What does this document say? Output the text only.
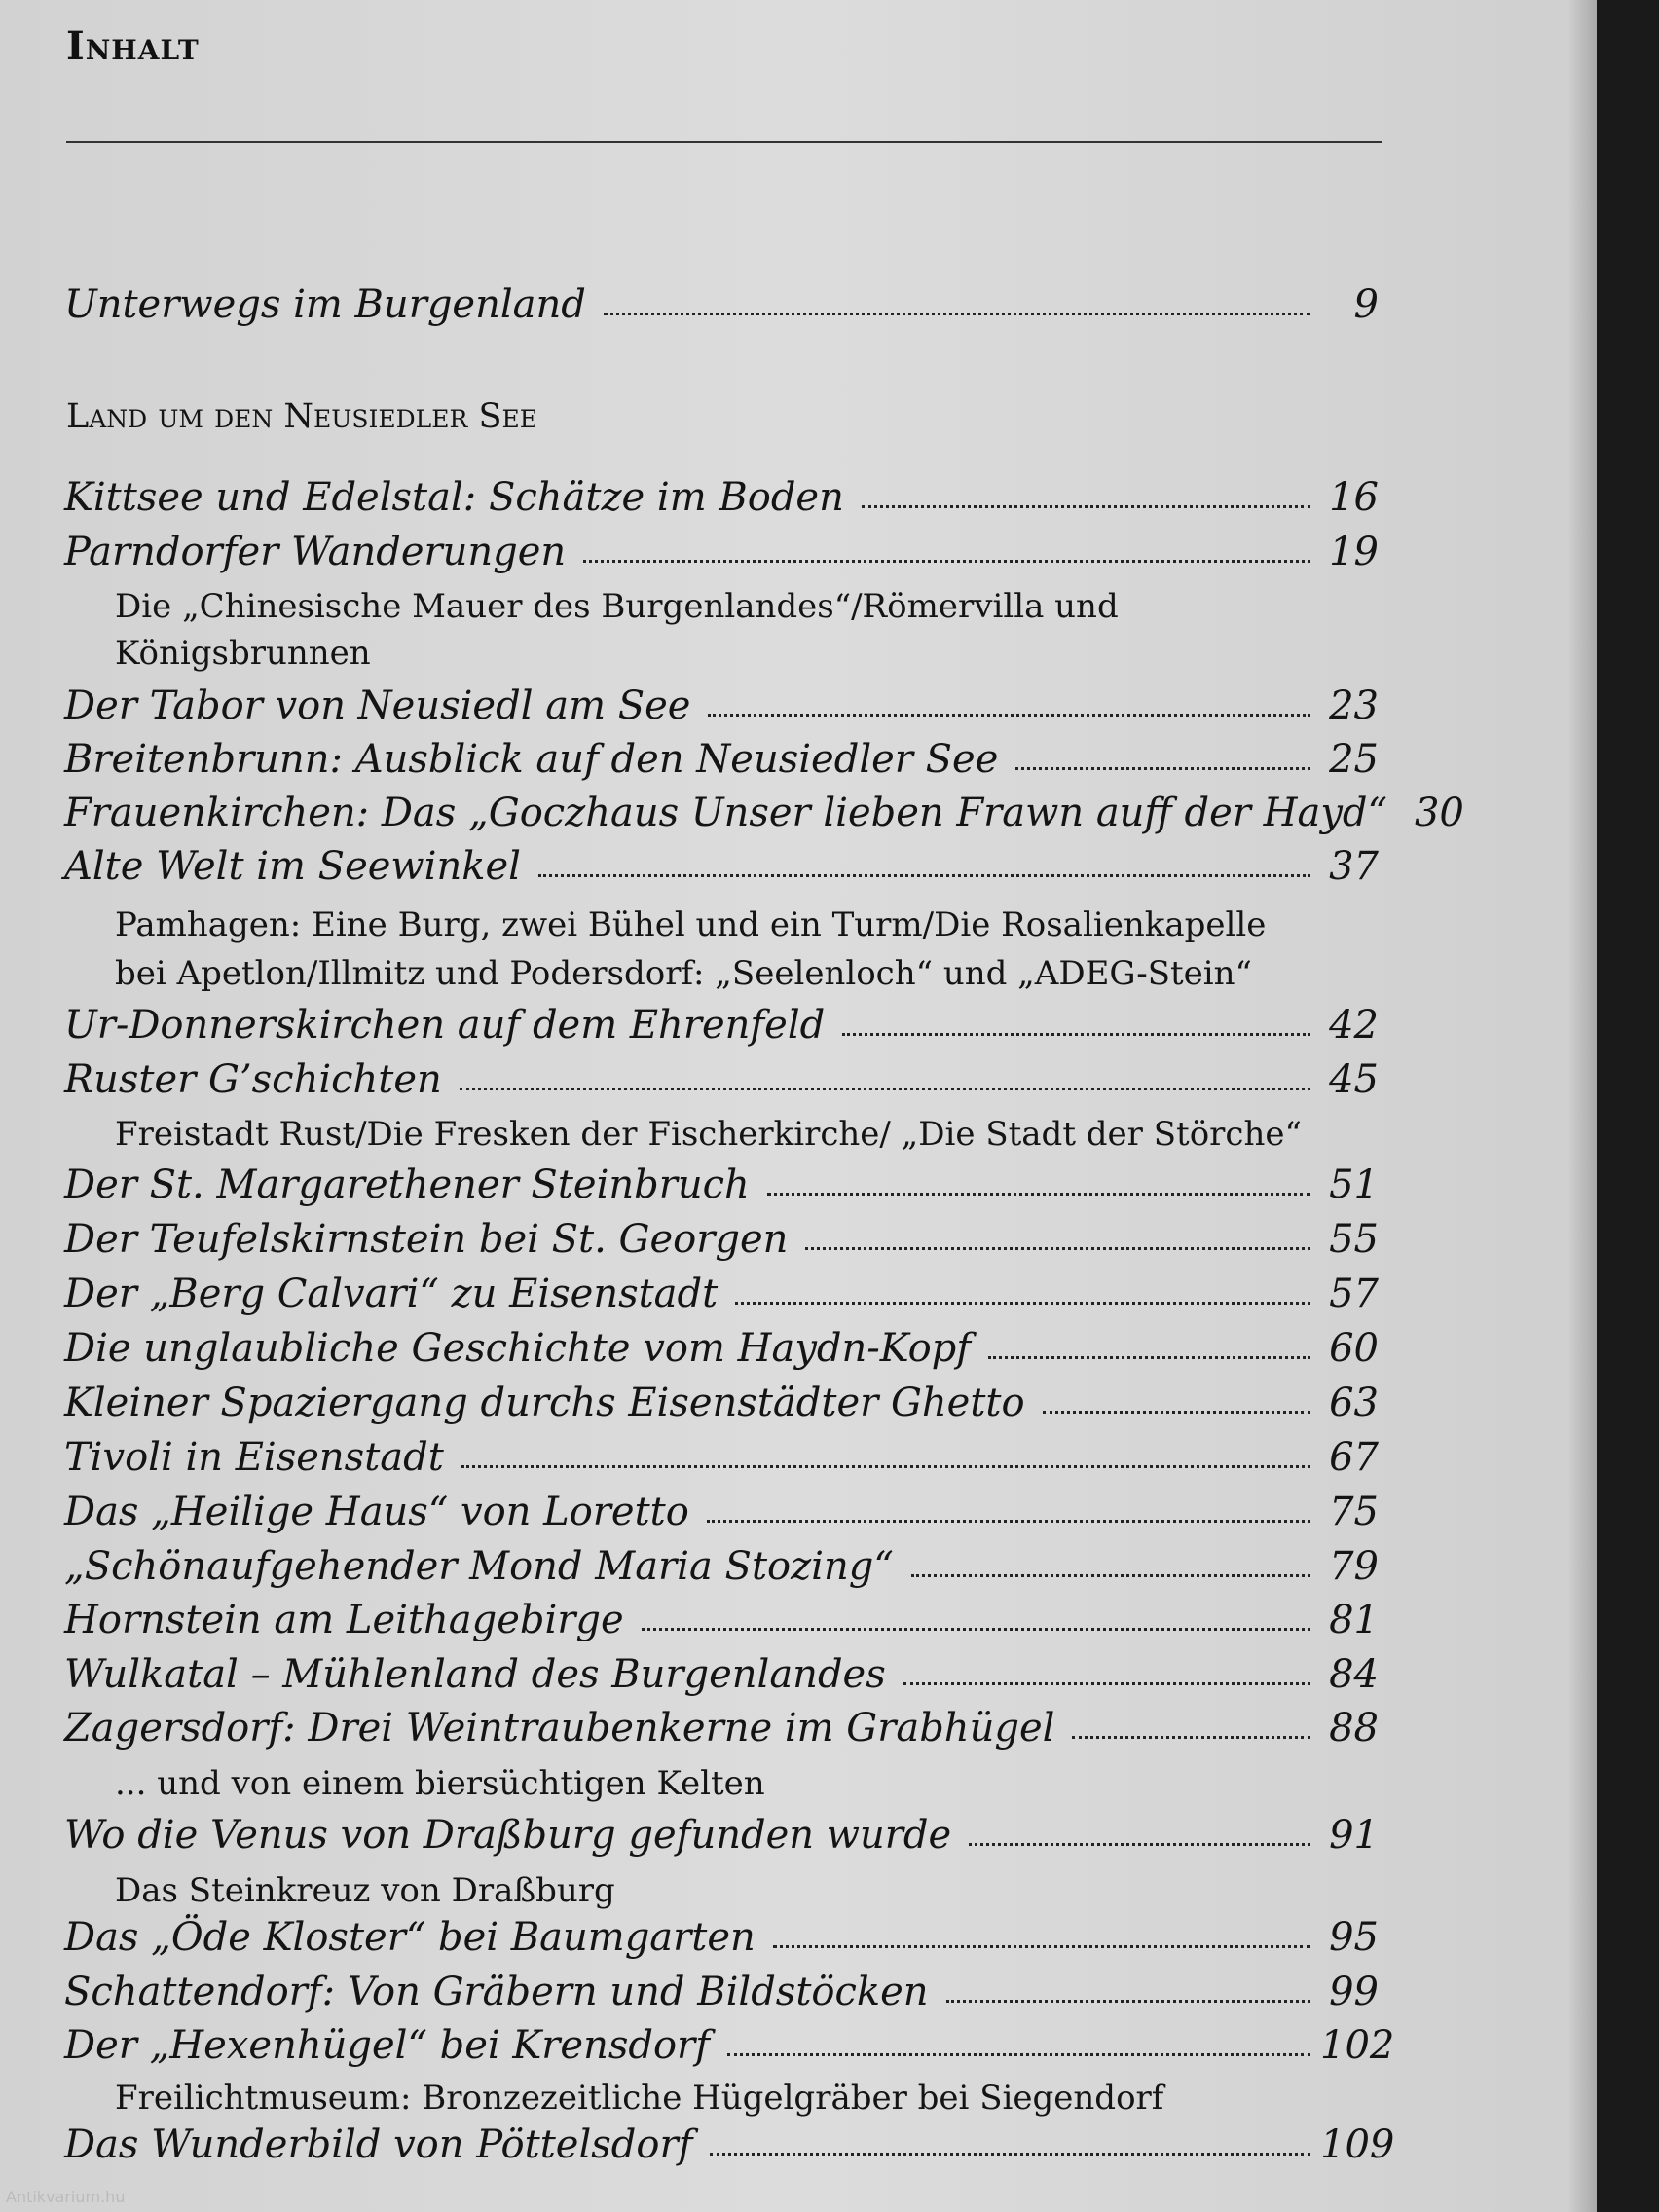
Inhalt
Unterwegs im Burgenland	9
Land um den Neusiedler See
Kittsee und Edelstal: Schätze im Boden	16
Parndorfer Wanderungen	19
Die „Chinesische Mauer des Burgenlandes“/Römervilla und
Königsbrunnen
Der Tabor von Neusiedl am See	23
Breitenbrunn: Ausblick auf den Neusiedler See	25
Frauenkirchen: Das „Goczhaus Unser lieben Frawn auff der Hayd“ 30
Alte Welt im Seewinkel	37
Pamhagen: Eine Burg, zwei Bühel und ein Turm/Die Rosalienkapelle
bei Apetlon/Illmitz und Podersdorf: „Seelenloch“ und „ADEG-Stein“
Ur-Donnerskirchen auf dem Ehrenfeld	42
Ruster G’schichten	45
Freistadt Rust/Die Fresken der Fischerkirche/ „Die Stadt der Störche“
Der St. Margarethener Steinbruch	51
Der Teufelskirnstein bei St. Georgen	55
Der „Berg Calvari“ zu Eisenstadt	57
Die unglaubliche Geschichte vom Haydn-Kopf	60
Kleiner Spaziergang durchs Eisenstädter Ghetto	63
Tivoli in Eisenstadt	67
Das „Heilige Haus“ von Loretto	75
„Schönaufgehender Mond Maria Stozing“	79
Hornstein am Leithagebirge	81
Wulkatal – Mühlenland des Burgenlandes	84
Zagersdorf: Drei Weintraubenkerne im Grabhügel	88
... und von einem biersüchtigen Kelten
Wo die Venus von Draßburg gefunden wurde	91
Das Steinkreuz von Draßburg
Das „Öde Kloster“ bei Baumgarten	95
Schattendorf: Von Gräbern und Bildstöcken	99
Der „Hexenhügel“ bei Krensdorf	102
Freilichtmuseum: Bronzezeitliche Hügelgräber bei Siegendorf
Das Wunderbild von Pöttelsdorf	109
Antikvarium.hu
